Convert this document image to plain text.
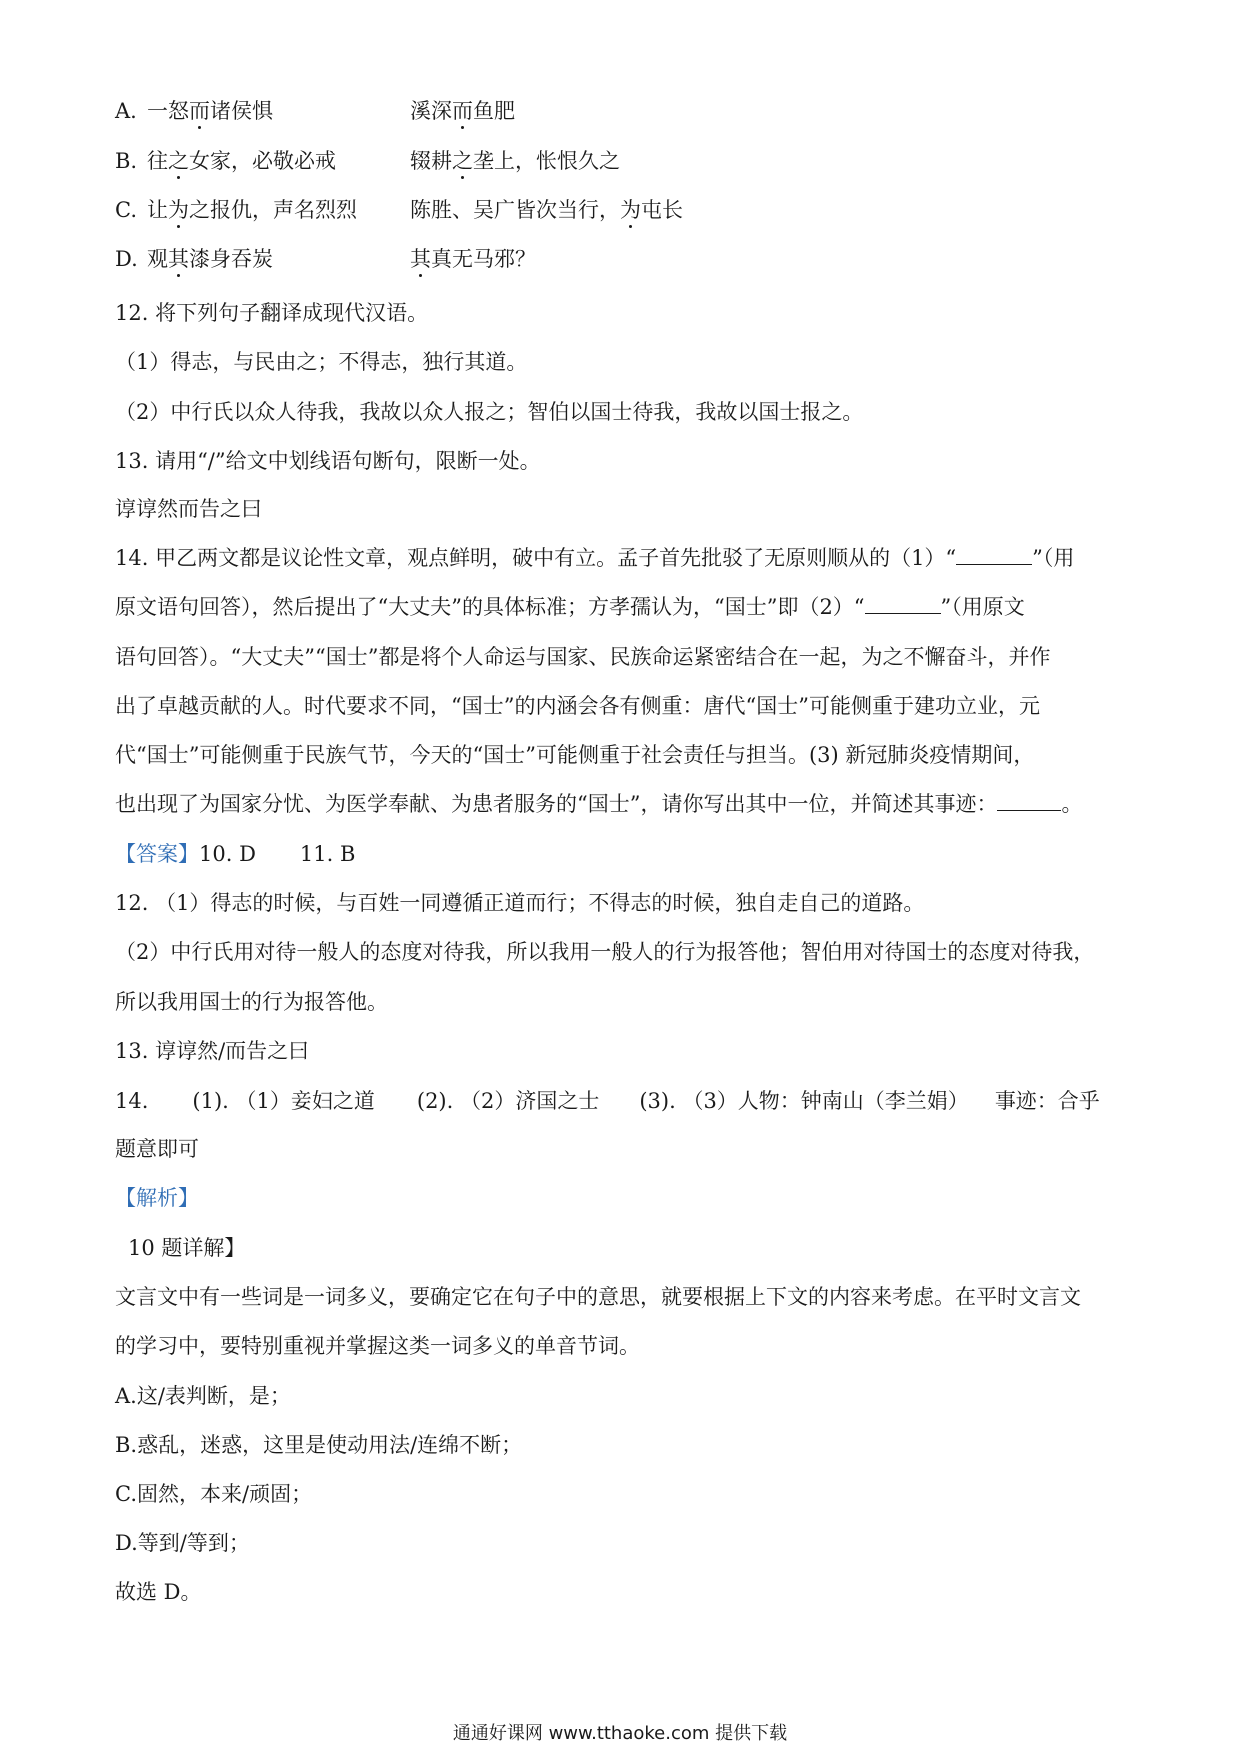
A. 一怒而诸侯惧	溪深而鱼肥
B. 往之女家，必敬必戒	辍耕之垄上，怅恨久之
C. 让为之报仇，声名烈烈	陈胜、吴广皆次当行，为屯长
D. 观其漆身吞炭	其真无马邪？
12. 将下列句子翻译成现代汉语。
（1）得志，与民由之；不得志，独行其道。
（2）中行氏以众人待我，我故以众人报之；智伯以国士待我，我故以国士报之。
13. 请用“/”给文中划线语句断句，限断一处。
谆谆然而告之曰
14. 甲乙两文都是议论性文章，观点鲜明，破中有立。孟子首先批驳了无原则顺从的（1）“	”（用
原文语句回答），然后提出了“大丈夫”的具体标准；方孝孺认为，“国士”即（2）“	”（用原文
语句回答）。“大丈夫”“国士”都是将个人命运与国家、民族命运紧密结合在一起，为之不懈奋斗，并作
出了卓越贡献的人。时代要求不同，“国士”的内涵会各有侧重：唐代“国士”可能侧重于建功立业，元
代“国士”可能侧重于民族气节，今天的“国士”可能侧重于社会责任与担当。(3) 新冠肺炎疫情期间，
也出现了为国家分忧、为医学奉献、为患者服务的“国士”，请你写出其中一位，并简述其事迹：	。
【答案】10. D 11. B
12. （1）得志的时候，与百姓一同遵循正道而行；不得志的时候，独自走自己的道路。
（2）中行氏用对待一般人的态度对待我，所以我用一般人的行为报答他；智伯用对待国士的态度对待我，
所以我用国士的行为报答他。
13. 谆谆然/而告之曰
14. (1). （1）妾妇之道 (2). （2）济国之士 (3). （3）人物：钟南山（李兰娟） 事迹：合乎
题意即可
【解析】
10 题详解】
文言文中有一些词是一词多义，要确定它在句子中的意思，就要根据上下文的内容来考虑。在平时文言文
的学习中，要特别重视并掌握这类一词多义的单音节词。
A.这/表判断，是；
B.惑乱，迷惑，这里是使动用法/连绵不断；
C.固然，本来/顽固；
D.等到/等到；
故选 D。
通通好课网 www.tthaoke.com 提供下载
